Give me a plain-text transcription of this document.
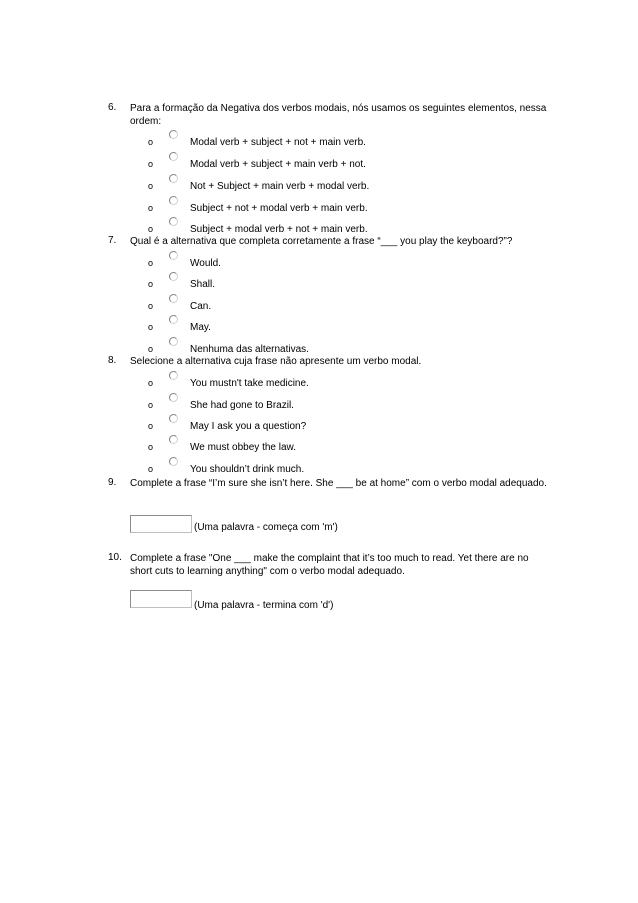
6.	Para a formação da Negativa dos verbos modais, nós usamos os seguintes elementos, nessa ordem:
o	Modal verb + subject + not + main verb.
o	Modal verb + subject + main verb + not.
o	Not + Subject + main verb + modal verb.
o	Subject + not + modal verb + main verb.
o	Subject + modal verb + not + main verb.
7.	Qual é a alternativa que completa corretamente a frase “___ you play the keyboard?”?
o	Would.
o	Shall.
o	Can.
o	May.
o	Nenhuma das alternativas.
8.	Selecione a alternativa cuja frase não apresente um verbo modal.
o	You mustn't take medicine.
o	She had gone to Brazil.
o	May I ask you a question?
o	We must obbey the law.
o	You shouldn’t drink much.
9.	Complete a frase “I’m sure she isn’t here. She ___ be at home” com o verbo modal adequado.
(Uma palavra - começa com 'm')
10. Complete a frase "One ___ make the complaint that it’s too much to read. Yet there are no short cuts to learning anything" com o verbo modal adequado.
(Uma palavra - termina com 'd')
